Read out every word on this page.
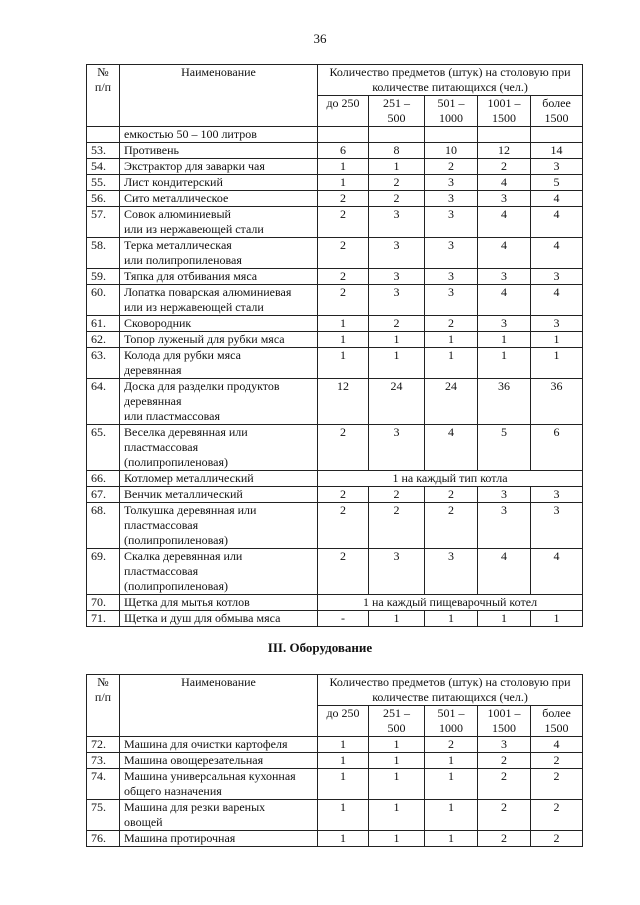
36
№ п/п	Наименование	Количество предметов (штук) на столовую при количестве питающихся (чел.)				
		до 250	251 – 500	501 – 1000	1001 – 1500	более 1500
	емкостью 50 – 100 литров					
53.	Противень	6	8	10	12	14
54.	Экстрактор для заварки чая	1	1	2	2	3
55.	Лист кондитерский	1	2	3	4	5
56.	Сито металлическое	2	2	3	3	4
57.	Совок алюминиевый
или из нержавеющей стали	2	3	3	4	4
58.	Терка металлическая
или полипропиленовая	2	3	3	4	4
59.	Тяпка для отбивания мяса	2	3	3	3	3
60.	Лопатка поварская алюминиевая
или из нержавеющей стали	2	3	3	4	4
61.	Сковородник	1	2	2	3	3
62.	Топор луженый для рубки мяса	1	1	1	1	1
63.	Колода для рубки мяса
деревянная	1	1	1	1	1
64.	Доска для разделки продуктов
деревянная
или пластмассовая	12	24	24	36	36
65.	Веселка деревянная или
пластмассовая
(полипропиленовая)	2	3	4	5	6
66.	Котломер металлический	1 на каждый тип котла				
67.	Венчик металлический	2	2	2	3	3
68.	Толкушка деревянная или
пластмассовая
(полипропиленовая)	2	2	2	3	3
69.	Скалка деревянная или
пластмассовая
(полипропиленовая)	2	3	3	4	4
70.	Щетка для мытья котлов	1 на каждый пищеварочный котел				
71.	Щетка и душ для обмыва мяса	-	1	1	1	1
III. Оборудование
№ п/п	Наименование	Количество предметов (штук) на столовую при количестве питающихся (чел.)				
		до 250	251 – 500	501 – 1000	1001 – 1500	более 1500
72.	Машина для очистки картофеля	1	1	2	3	4
73.	Машина овощерезательная	1	1	1	2	2
74.	Машина универсальная кухонная
общего назначения	1	1	1	2	2
75.	Машина для резки вареных
овощей	1	1	1	2	2
76.	Машина протирочная	1	1	1	2	2
